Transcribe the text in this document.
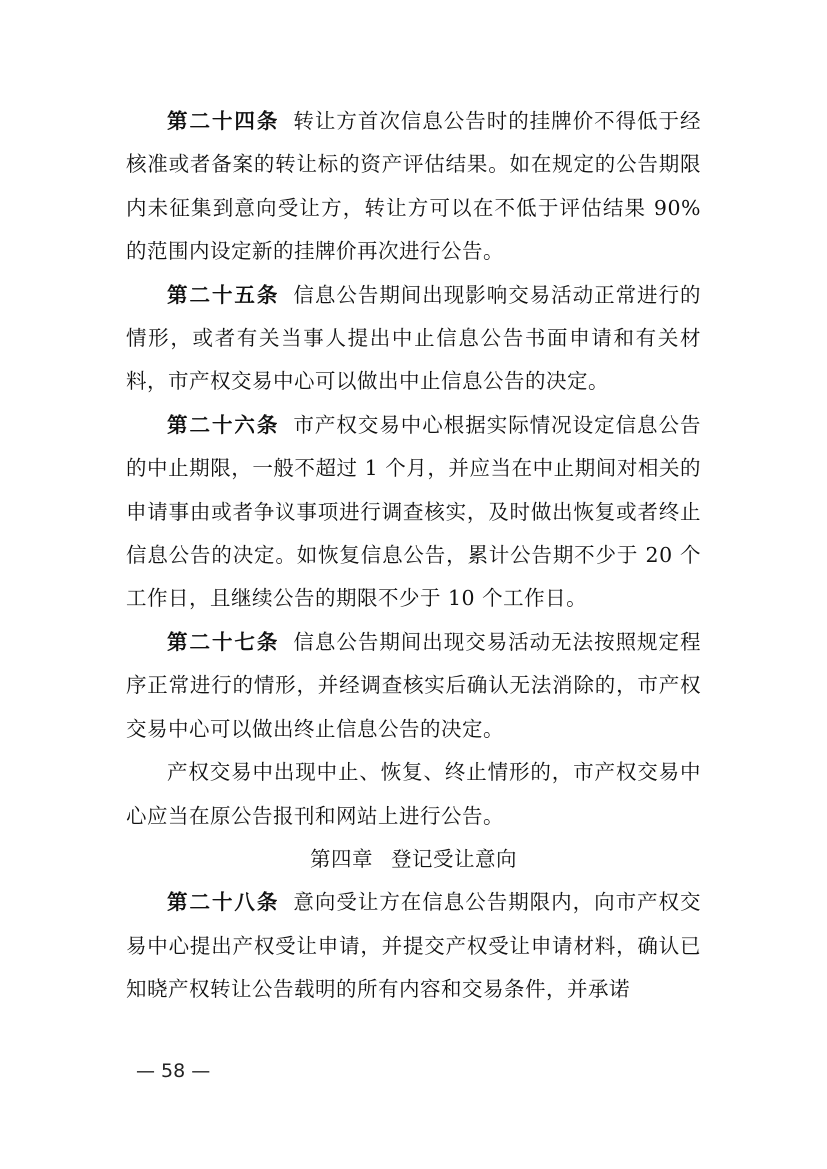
第二十四条 转让方首次信息公告时的挂牌价不得低于经核准或者备案的转让标的资产评估结果。如在规定的公告期限内未征集到意向受让方，转让方可以在不低于评估结果 90%的范围内设定新的挂牌价再次进行公告。

第二十五条 信息公告期间出现影响交易活动正常进行的情形，或者有关当事人提出中止信息公告书面申请和有关材料，市产权交易中心可以做出中止信息公告的决定。

第二十六条 市产权交易中心根据实际情况设定信息公告的中止期限，一般不超过 1 个月，并应当在中止期间对相关的申请事由或者争议事项进行调查核实，及时做出恢复或者终止信息公告的决定。如恢复信息公告，累计公告期不少于 20 个工作日，且继续公告的期限不少于 10 个工作日。

第二十七条 信息公告期间出现交易活动无法按照规定程序正常进行的情形，并经调查核实后确认无法消除的，市产权交易中心可以做出终止信息公告的决定。

产权交易中出现中止、恢复、终止情形的，市产权交易中心应当在原公告报刊和网站上进行公告。

第四章 登记受让意向

第二十八条 意向受让方在信息公告期限内，向市产权交易中心提出产权受让申请，并提交产权受让申请材料，确认已知晓产权转让公告载明的所有内容和交易条件，并承诺

— 58 —
